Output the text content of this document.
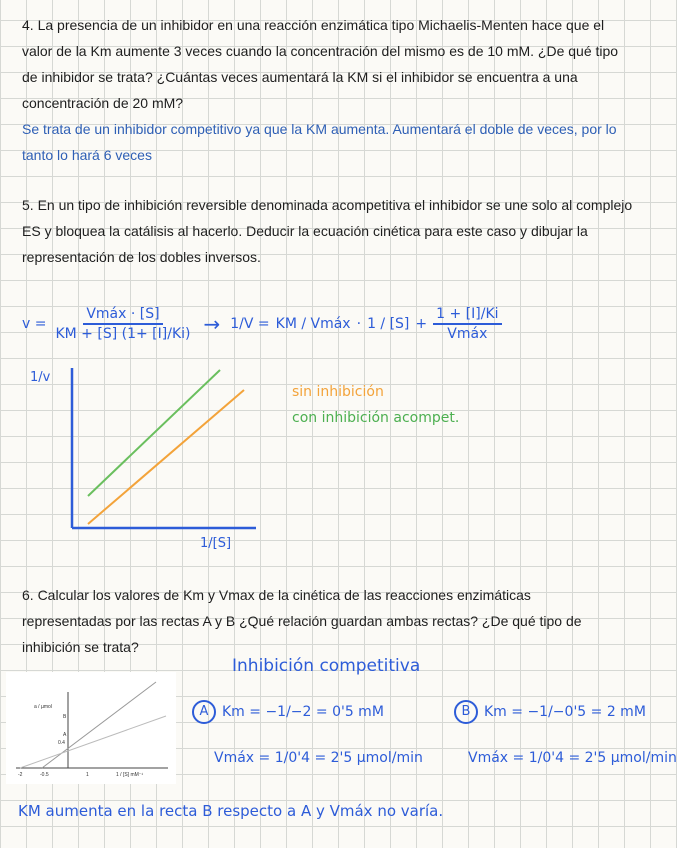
4. La presencia de un inhibidor en una reacción enzimática tipo Michaelis-Menten hace que el valor de la Km aumente 3 veces cuando la concentración del mismo es de 10 mM. ¿De qué tipo de inhibidor se trata? ¿Cuántas veces aumentará la KM si el inhibidor se encuentra a una concentración de 20 mM?
Se trata de un inhibidor competitivo ya que la KM aumenta. Aumentará el doble de veces, por lo tanto lo hará 6 veces
5. En un tipo de inhibición reversible denominada acompetitiva el inhibidor se une solo al complejo ES y bloquea la catálisis al hacerlo. Deducir la ecuación cinética para este caso y dibujar la representación de los dobles inversos.
$v = \frac{\text{Vmáx · [S]}}{KM + [S] (1+ [I]/Ki)} \to 1/V$ = KM / Vmáx · $1 / [S] + \frac{1 + [I]/Ki}{\text{Vmáx}}$
1/v
1/[S]
sin inhibición
con inhibición acompet.
6. Calcular los valores de Km y Vmax de la cinética de las reacciones enzimáticas representadas por las rectas A y B ¿Qué relación guardan ambas rectas? ¿De qué tipo de inhibición se trata?
Inhibición competitiva
a / µmol
B
A
0.4
-2	-0.5	1	1 / [S] mM⁻¹
A Km = −1/−2 = 0'5 mM
Vmáx = 1/0'4 = 2'5 µmol/min
B Km = −1/−0'5 = 2 mM
Vmáx = 1/0'4 = 2'5 µmol/min
KM aumenta en la recta B respecto a A y Vmáx no varía.
